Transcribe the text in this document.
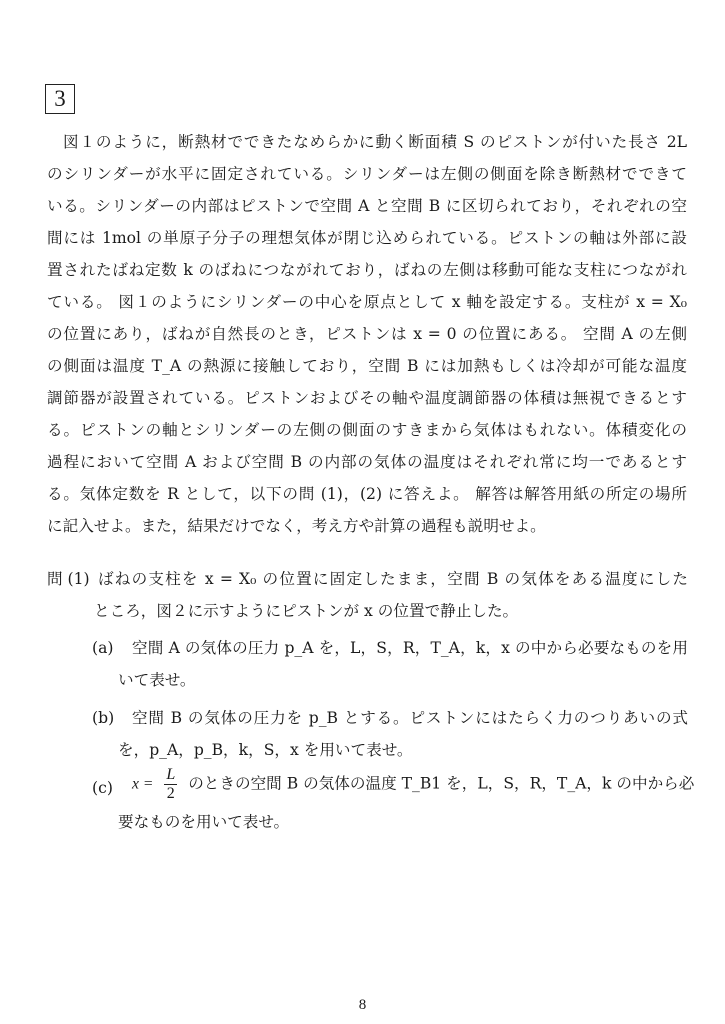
3
図１のように，断熱材でできたなめらかに動く断面積 S のピストンが付いた長さ 2L
のシリンダーが水平に固定されている。シリンダーは左側の側面を除き断熱材でできて
いる。シリンダーの内部はピストンで空間 A と空間 B に区切られており，それぞれの空
間には 1mol の単原子分子の理想気体が閉じ込められている。ピストンの軸は外部に設
置されたばね定数 k のばねにつながれており，ばねの左側は移動可能な支柱につながれ
ている。 図１のようにシリンダーの中心を原点として x 軸を設定する。支柱が x = X₀
の位置にあり，ばねが自然長のとき，ピストンは x = 0 の位置にある。 空間 A の左側
の側面は温度 T_A の熱源に接触しており，空間 B には加熱もしくは冷却が可能な温度
調節器が設置されている。ピストンおよびその軸や温度調節器の体積は無視できるとす
る。ピストンの軸とシリンダーの左側の側面のすきまから気体はもれない。体積変化の
過程において空間 A および空間 B の内部の気体の温度はそれぞれ常に均一であるとす
る。気体定数を R として，以下の問 (1)，(2) に答えよ。 解答は解答用紙の所定の場所
に記入せよ。また，結果だけでなく，考え方や計算の過程も説明せよ。
問 (1) ばねの支柱を x = X₀ の位置に固定したまま，空間 B の気体をある温度にした
ところ，図２に示すようにピストンが x の位置で静止した。
(a) 空間 A の気体の圧力 p_A を，L，S，R，T_A，k，x の中から必要なものを用
いて表せ。
(b) 空間 B の気体の圧力を p_B とする。ピストンにはたらく力のつりあいの式
を，p_A，p_B，k，S，x を用いて表せ。
(c) $x = \frac{L}{2}$ のときの空間 B の気体の温度 T_B1 を，L，S，R，T_A，k の中から必
要なものを用いて表せ。
8
